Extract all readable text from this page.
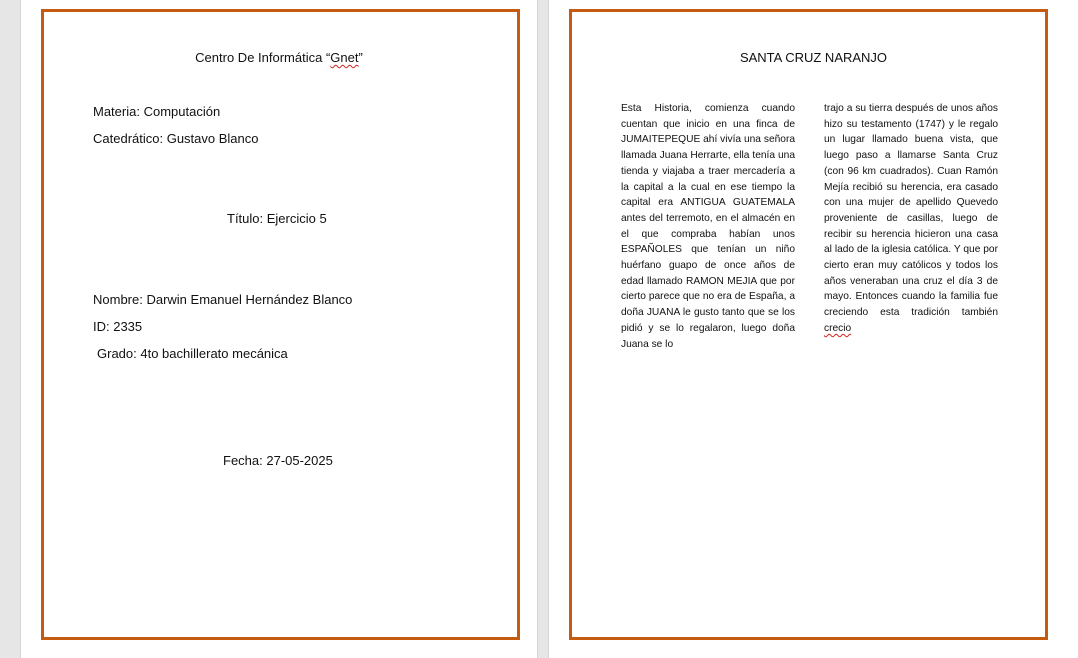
Centro De Informática “Gnet”
Materia: Computación
Catedrático: Gustavo Blanco
Título: Ejercicio 5
Nombre: Darwin Emanuel Hernández Blanco
ID: 2335
Grado: 4to bachillerato mecánica
Fecha: 27-05-2025
SANTA CRUZ NARANJO
Esta Historia, comienza cuando cuentan que inicio en una finca de JUMAITEPEQUE ahí vivía una señora llamada Juana Herrarte, ella tenía una tienda y viajaba a traer mercadería a la capital a la cual en ese tiempo la capital era ANTIGUA GUATEMALA antes del terremoto, en el almacén en el que compraba habían unos ESPAÑOLES que tenían un niño huérfano guapo de once años de edad llamado RAMON MEJIA que por cierto parece que no era de España, a doña JUANA le gusto tanto que se los pidió y se lo regalaron, luego doña Juana se lo
trajo a su tierra después de unos años hizo su testamento (1747) y le regalo un lugar llamado buena vista, que luego paso a llamarse Santa Cruz (con 96 km cuadrados). Cuan Ramón Mejía recibió su herencia, era casado con una mujer de apellido Quevedo proveniente de casillas, luego de recibir su herencia hicieron una casa al lado de la iglesia católica. Y que por cierto eran muy católicos y todos los años veneraban una cruz el día 3 de mayo. Entonces cuando la familia fue creciendo esta tradición también crecio
